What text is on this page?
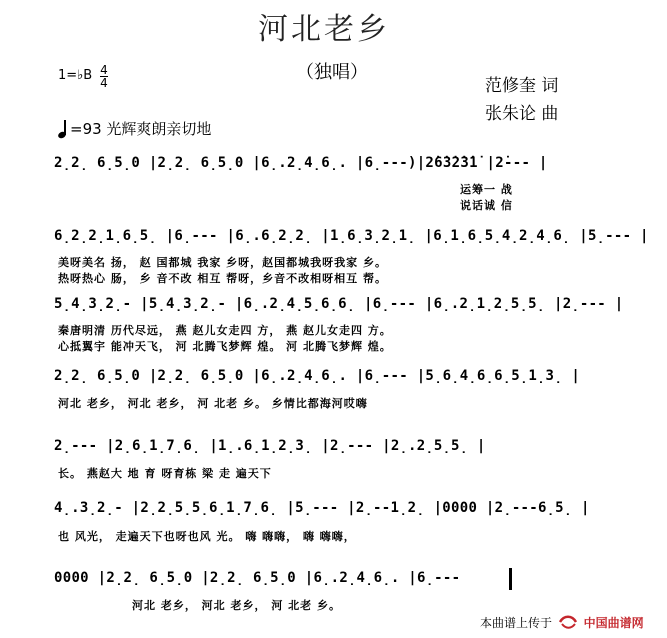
河北老乡
（独唱）
范修奎 词
张朱论 曲
1=♭B 4
4
=93 光辉爽朗亲切地
2̣2̣ 6̣5̣0 |2̣2̣ 6̣5̣0 |6̣.2̣4̣6̣. |6̣---)|2̇6̇3̇2̇3̇1̇ |2̇--- |
运筹一 战
说话诚 信
6̣2̣2̣1̣6̣5̣ |6̣--- |6̣.6̣2̣2̣ |1̣6̣3̣2̣1̣ |6̣1̣6̣5̣4̣2̣4̣6̣ |5̣--- |
美呀美名 扬， 赵 国都城 我家 乡呀，赵国都城我呀我家 乡。
热呀热心 肠， 乡 音不改 相互 帮呀，乡音不改相呀相互 帮。
5̣4̣3̣2̣- |5̣4̣3̣2̣- |6̣.2̣4̣5̣6̣6̣ |6̣--- |6̣.2̣1̣2̣5̣5̣ |2̣--- |
秦唐明清 历代尽远， 燕 赵儿女走四 方， 燕 赵儿女走四 方。
心抵翼宇 能冲天飞， 河 北腾飞梦辉 煌。 河 北腾飞梦辉 煌。
2̣2̣ 6̣5̣0 |2̣2̣ 6̣5̣0 |6̣.2̣4̣6̣. |6̣--- |5̣6̣4̣6̣6̣5̣1̣3̣ |
河北 老乡， 河北 老乡， 河 北老 乡。 乡情比都海河哎嗨
2̣--- |2̣6̣1̣7̣6̣ |1̣.6̣1̣2̣3̣ |2̣--- |2̣.2̣5̣5̣ |
长。 燕赵大 地 育 呀育栋 梁 走 遍天下
4̣.3̣2̣- |2̣2̣5̣5̣6̣1̣7̣6̣ |5̣--- |2̣--1̣2̣ |0000 |2̣---6̣5̣ |
也 风光， 走遍天下也呀也风 光。 嗨 嗨嗨， 嗨 嗨嗨，
0000 |2̣2̣ 6̣5̣0 |2̣2̣ 6̣5̣0 |6̣.2̣4̣6̣. |6̣---
河北 老乡， 河北 老乡， 河 北老 乡。
本曲谱上传于	中国曲谱网
